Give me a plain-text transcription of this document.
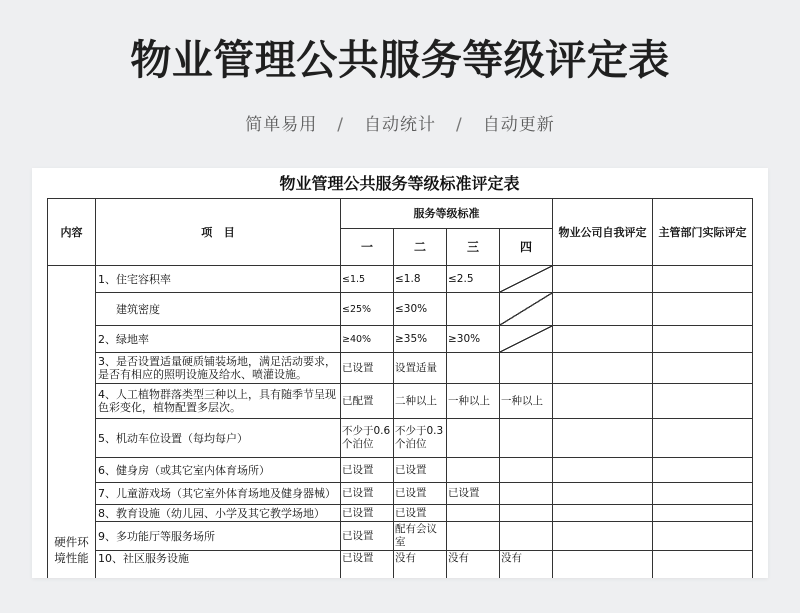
物业管理公共服务等级评定表
简单易用 / 自动统计 / 自动更新
物业管理公共服务等级标准评定表
内容	项   目	服务等级标准				物业公司自我评定	主管部门实际评定
		一	二	三	四		
硬件环境性能	1、住宅容积率	≤1.5	≤1.8	≤2.5	

	建筑密度	≤25%	≤30%		

	2、绿地率	≥40%	≥35%	≥30%	

	3、是否设置适量硬质铺装场地，满足活动要求，是否有相应的照明设施及给水、喷灌设施。	已设置	设置适量				
	4、人工植物群落类型三种以上，具有随季节呈现色彩变化，植物配置多层次。	已配置	二种以上	一种以上	一种以上		
	5、机动车位设置（每均每户）	不少于0.6个泊位	不少于0.3个泊位				
	6、健身房（或其它室内体育场所）	已设置	已设置				
	7、儿童游戏场（其它室外体育场地及健身器械）	已设置	已设置	已设置			
	8、教育设施（幼儿园、小学及其它教学场地）	已设置	已设置				
	9、多功能厅等服务场所	已设置	配有会议室				
	10、社区服务设施	已设置	没有	没有	没有		
